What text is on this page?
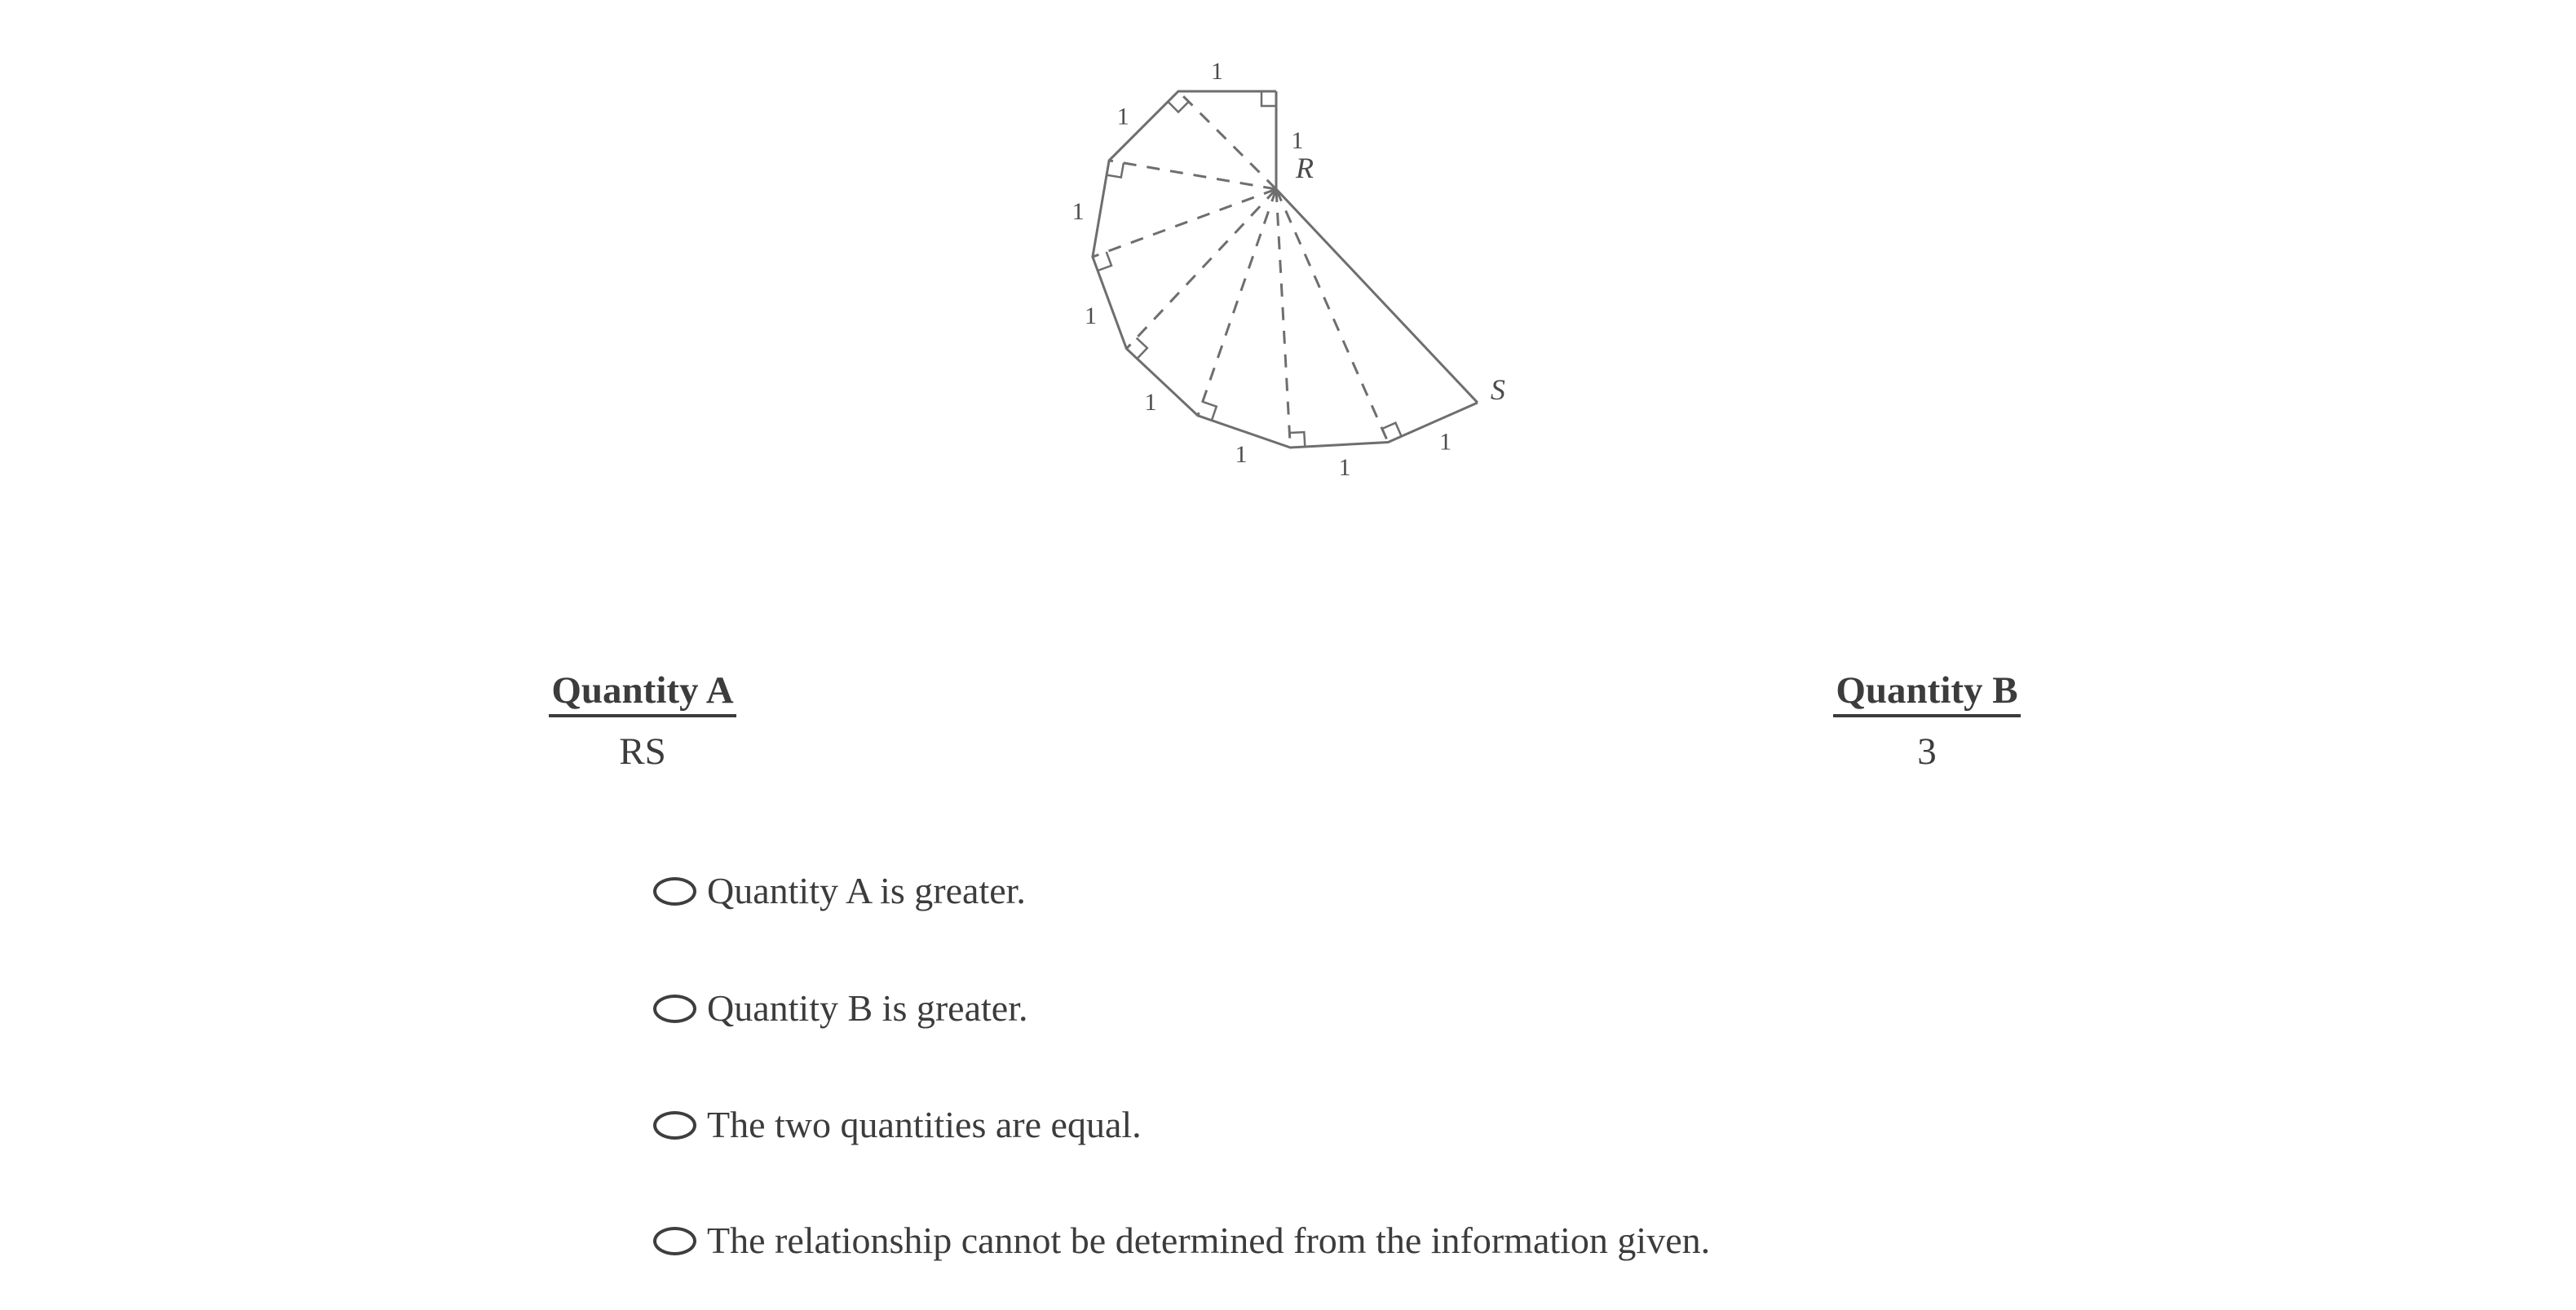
1
1
1
1
1
1	1
1
1
R
S
Quantity A
RS
Quantity B
3
Quantity A is greater.
Quantity B is greater.
The two quantities are equal.
The relationship cannot be determined from the information given.
